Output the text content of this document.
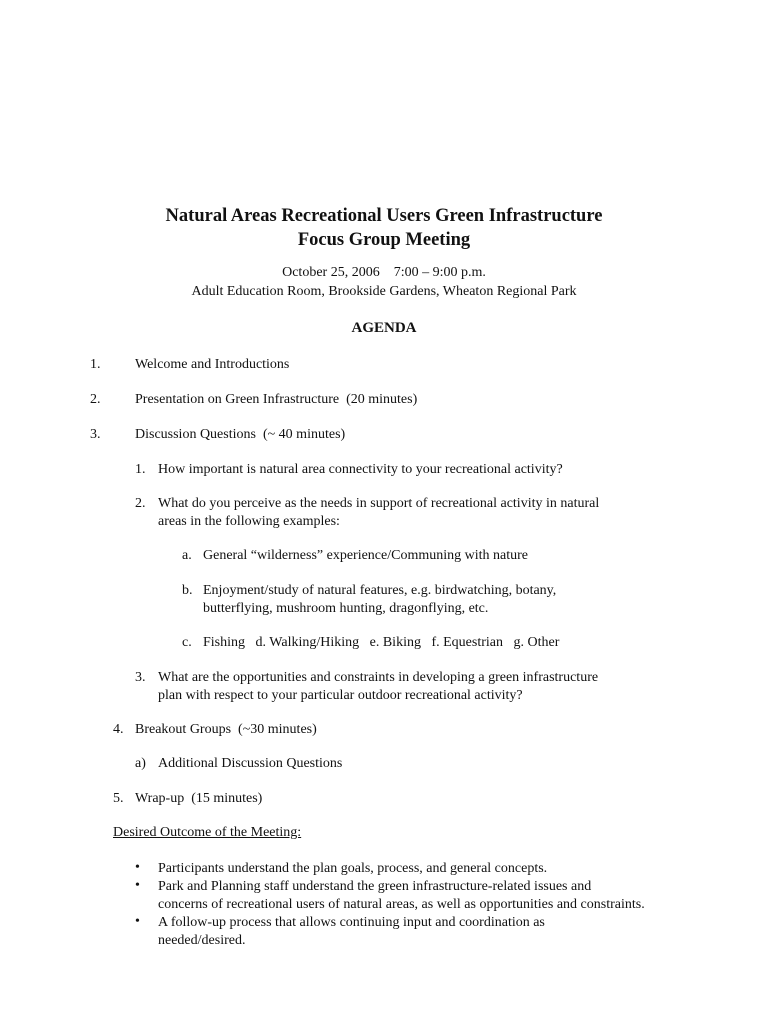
Natural Areas Recreational Users Green Infrastructure
Focus Group Meeting
October 25, 2006    7:00 – 9:00 p.m.
Adult Education Room, Brookside Gardens, Wheaton Regional Park
AGENDA
1. Welcome and Introductions
2. Presentation on Green Infrastructure  (20 minutes)
3. Discussion Questions  (~ 40 minutes)
1. How important is natural area connectivity to your recreational activity?
2. What do you perceive as the needs in support of recreational activity in natural
areas in the following examples:
a. General “wilderness” experience/Communing with nature
b. Enjoyment/study of natural features, e.g. birdwatching, botany,
butterflying, mushroom hunting, dragonflying, etc.
c. Fishing   d. Walking/Hiking   e. Biking   f. Equestrian   g. Other
3. What are the opportunities and constraints in developing a green infrastructure
plan with respect to your particular outdoor recreational activity?
4. Breakout Groups  (~30 minutes)
a) Additional Discussion Questions
5. Wrap-up  (15 minutes)
Desired Outcome of the Meeting:
• Participants understand the plan goals, process, and general concepts.
• Park and Planning staff understand the green infrastructure-related issues and
concerns of recreational users of natural areas, as well as opportunities and constraints.
• A follow-up process that allows continuing input and coordination as
needed/desired.
